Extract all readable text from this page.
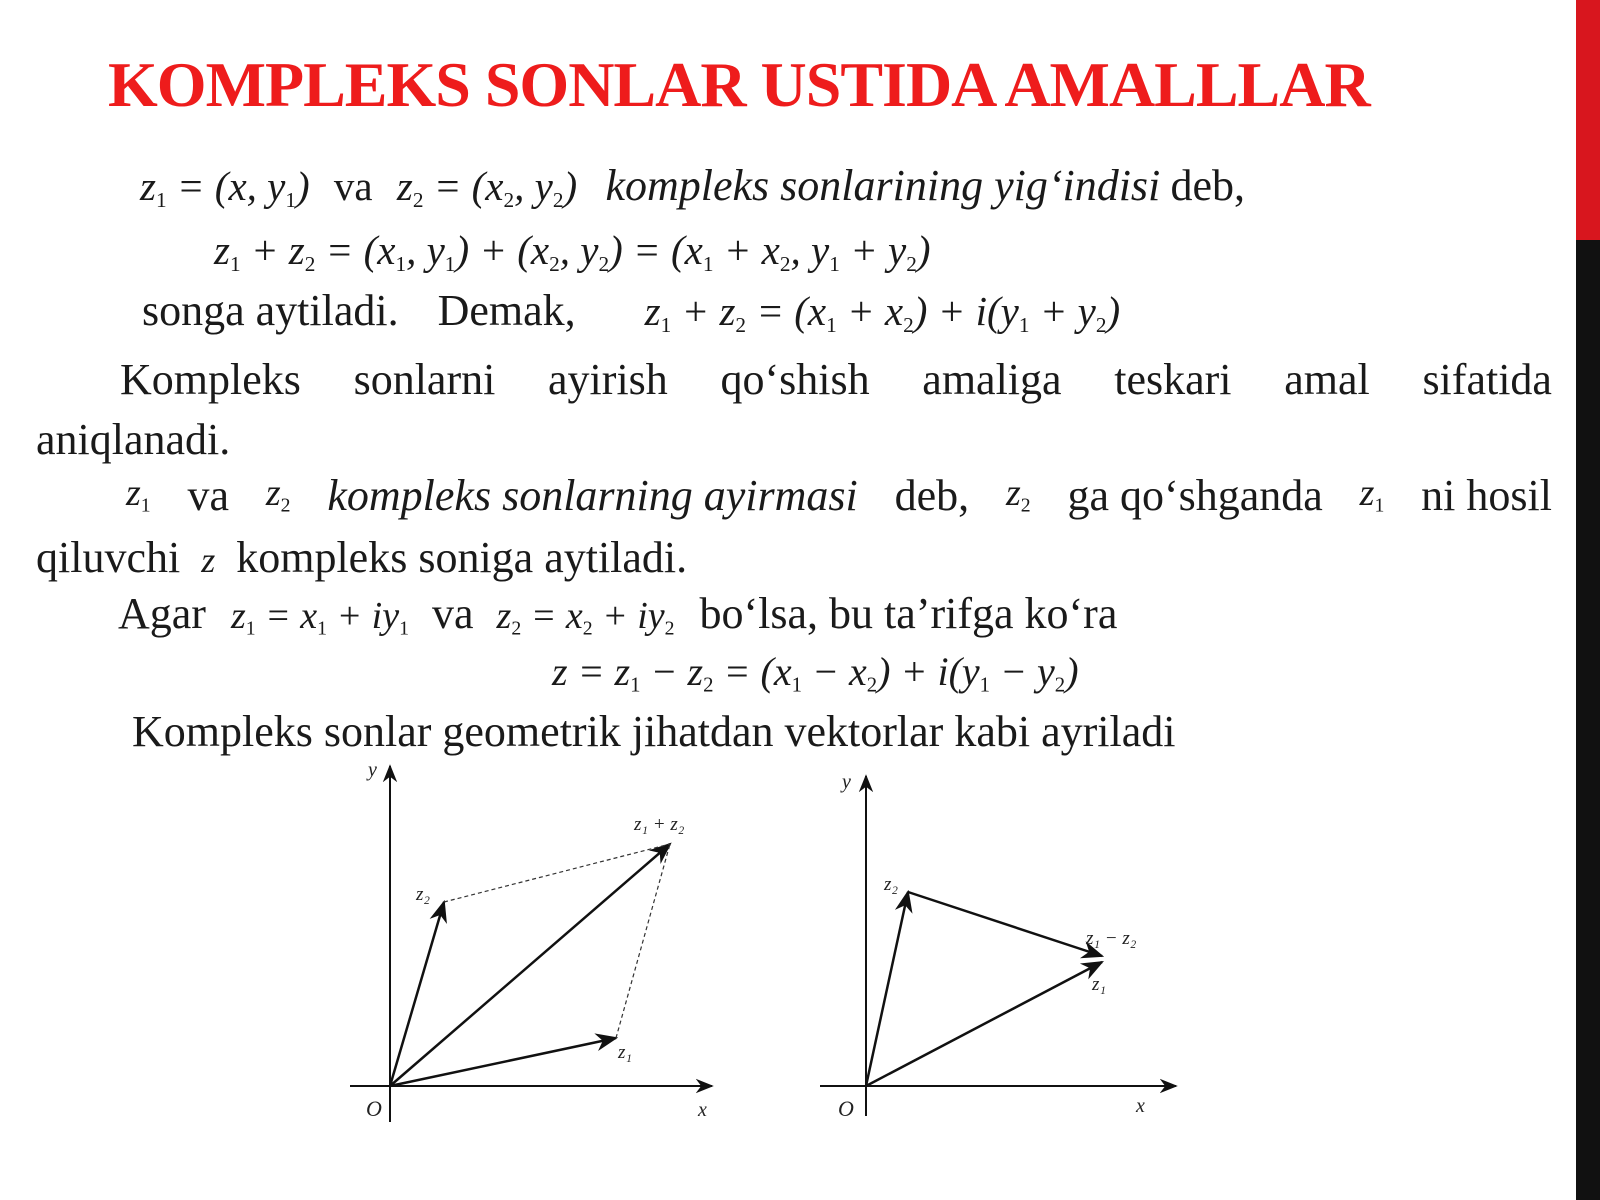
KOMPLEKS SONLAR USTIDA AMALLLAR
$z_1 = (x$, $y_1$) va $z_2 = (x_2$, $y_2$) kompleks sonlarining yig‘indisi deb,
$z_1 + z_2 = (x_1$, $y_1) + (x_2$, $y_2) = (x_1 + x_2$, $y_1 + y_2$)
songa aytiladi. Demak, $z_1 + z_2 = (x_1 + x_2) + i(y_1 + y_2)$
Kompleks sonlarni ayirish qo‘shish amaliga teskari amal sifatida
aniqlanadi.
$z_1$ va $z_2$ kompleks sonlarning ayirmasi deb, $z_2$ ga qo‘shganda $z_1$ ni hosil
qiluvchi z kompleks soniga aytiladi.
Agar $z_1 = x_1 + iy_1$ va $z_2 = x_2 + iy_2$ bo‘lsa, bu ta’rifga ko‘ra
$z = z_1 - z_2 = (x_1 - x_2) + i(y_1 - y_2)$
Kompleks sonlar geometrik jihatdan vektorlar kabi ayriladi
y
x
O
z₂
z₁
z₁ + z₂
y
x
O
z₂
z₁ − z₂
z₁
